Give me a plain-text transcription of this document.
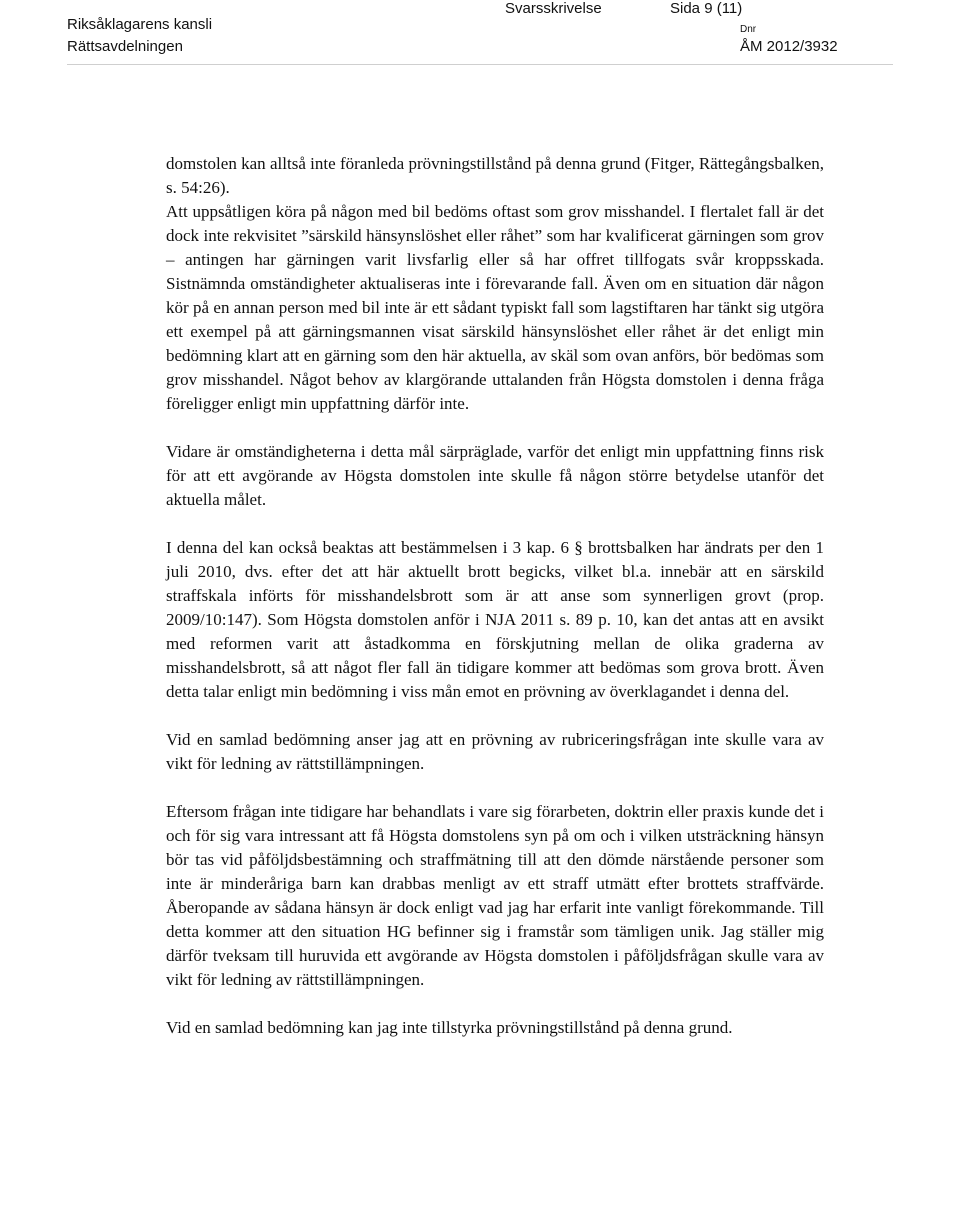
Riksåklagarens kansli
Rättsavdelningen
Svarsskrivelse	Sida 9 (11)
Dnr
ÅM 2012/3932

domstolen kan alltså inte föranleda prövningstillstånd på denna grund (Fitger, Rättegångsbalken, s. 54:26).

Att uppsåtligen köra på någon med bil bedöms oftast som grov misshandel. I flertalet fall är det dock inte rekvisitet ”särskild hänsynslöshet eller råhet” som har kvalificerat gärningen som grov – antingen har gärningen varit livsfarlig eller så har offret tillfogats svår kroppsskada. Sistnämnda omständigheter aktualiseras inte i förevarande fall. Även om en situation där någon kör på en annan person med bil inte är ett sådant typiskt fall som lagstiftaren har tänkt sig utgöra ett exempel på att gärningsmannen visat särskild hänsynslöshet eller råhet är det enligt min bedömning klart att en gärning som den här aktuella, av skäl som ovan anförs, bör bedömas som grov misshandel. Något behov av klargörande uttalanden från Högsta domstolen i denna fråga föreligger enligt min uppfattning därför inte.

Vidare är omständigheterna i detta mål särpräglade, varför det enligt min uppfattning finns risk för att ett avgörande av Högsta domstolen inte skulle få någon större betydelse utanför det aktuella målet.

I denna del kan också beaktas att bestämmelsen i 3 kap. 6 § brottsbalken har ändrats per den 1 juli 2010, dvs. efter det att här aktuellt brott begicks, vilket bl.a. innebär att en särskild straffskala införts för misshandelsbrott som är att anse som synnerligen grovt (prop. 2009/10:147). Som Högsta domstolen anför i NJA 2011 s. 89 p. 10, kan det antas att en avsikt med reformen varit att åstadkomma en förskjutning mellan de olika graderna av misshandelsbrott, så att något fler fall än tidigare kommer att bedömas som grova brott. Även detta talar enligt min bedömning i viss mån emot en prövning av överklagandet i denna del.

Vid en samlad bedömning anser jag att en prövning av rubriceringsfrågan inte skulle vara av vikt för ledning av rättstillämpningen.

Eftersom frågan inte tidigare har behandlats i vare sig förarbeten, doktrin eller praxis kunde det i och för sig vara intressant att få Högsta domstolens syn på om och i vilken utsträckning hänsyn bör tas vid påföljdsbestämning och straffmätning till att den dömde närstående personer som inte är minderåriga barn kan drabbas menligt av ett straff utmätt efter brottets straffvärde. Åberopande av sådana hänsyn är dock enligt vad jag har erfarit inte vanligt förekommande. Till detta kommer att den situation HG befinner sig i framstår som tämligen unik. Jag ställer mig därför tveksam till huruvida ett avgörande av Högsta domstolen i påföljdsfrågan skulle vara av vikt för ledning av rättstillämpningen.

Vid en samlad bedömning kan jag inte tillstyrka prövningstillstånd på denna grund.
